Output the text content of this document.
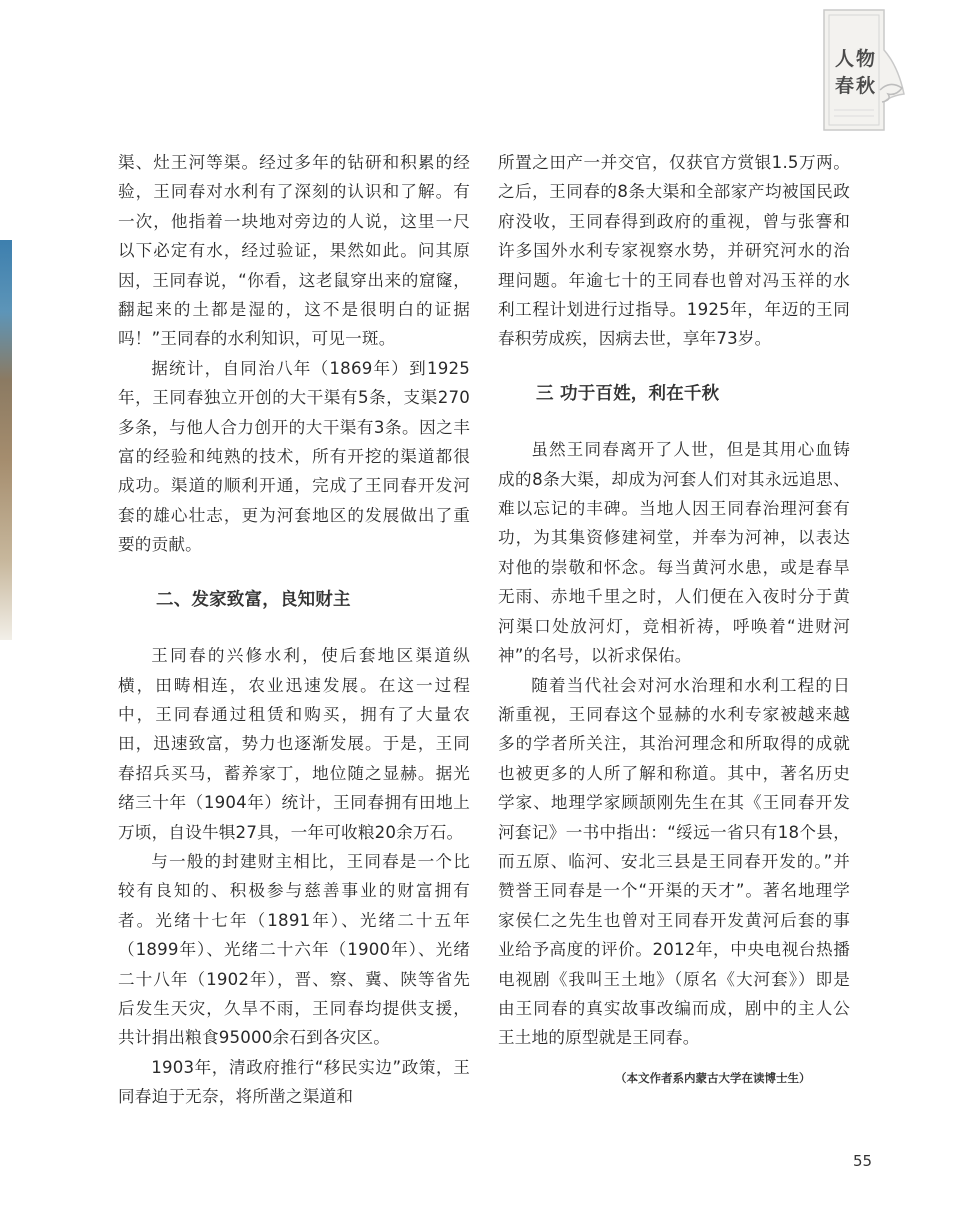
人物
春秋

渠、灶王河等渠。经过多年的钻研和积累的经验，王同春对水利有了深刻的认识和了解。有一次，他指着一块地对旁边的人说，这里一尺以下必定有水，经过验证，果然如此。问其原因，王同春说，“你看，这老鼠穿出来的窟窿，翻起来的土都是湿的，这不是很明白的证据吗！”王同春的水利知识，可见一斑。

据统计，自同治八年（1869年）到1925年，王同春独立开创的大干渠有5条，支渠270多条，与他人合力创开的大干渠有3条。因之丰富的经验和纯熟的技术，所有开挖的渠道都很成功。渠道的顺利开通，完成了王同春开发河套的雄心壮志，更为河套地区的发展做出了重要的贡献。

二、发家致富，良知财主

王同春的兴修水利，使后套地区渠道纵横，田畴相连，农业迅速发展。在这一过程中，王同春通过租赁和购买，拥有了大量农田，迅速致富，势力也逐渐发展。于是，王同春招兵买马，蓄养家丁，地位随之显赫。据光绪三十年（1904年）统计，王同春拥有田地上万顷，自设牛犋27具，一年可收粮20余万石。

与一般的封建财主相比，王同春是一个比较有良知的、积极参与慈善事业的财富拥有者。光绪十七年（1891年）、光绪二十五年（1899年）、光绪二十六年（1900年）、光绪二十八年（1902年），晋、察、冀、陕等省先后发生天灾，久旱不雨，王同春均提供支援，共计捐出粮食95000余石到各灾区。

1903年，清政府推行“移民实边”政策，王同春迫于无奈，将所凿之渠道和

所置之田产一并交官，仅获官方赏银1.5万两。之后，王同春的8条大渠和全部家产均被国民政府没收，王同春得到政府的重视，曾与张謇和许多国外水利专家视察水势，并研究河水的治理问题。年逾七十的王同春也曾对冯玉祥的水利工程计划进行过指导。1925年，年迈的王同春积劳成疾，因病去世，享年73岁。

三 功于百姓，利在千秋

虽然王同春离开了人世，但是其用心血铸成的8条大渠，却成为河套人们对其永远追思、难以忘记的丰碑。当地人因王同春治理河套有功，为其集资修建祠堂，并奉为河神，以表达对他的崇敬和怀念。每当黄河水患，或是春旱无雨、赤地千里之时，人们便在入夜时分于黄河渠口处放河灯，竞相祈祷，呼唤着“进财河神”的名号，以祈求保佑。

随着当代社会对河水治理和水利工程的日渐重视，王同春这个显赫的水利专家被越来越多的学者所关注，其治河理念和所取得的成就也被更多的人所了解和称道。其中，著名历史学家、地理学家顾颉刚先生在其《王同春开发河套记》一书中指出：“绥远一省只有18个县，而五原、临河、安北三县是王同春开发的。”并赞誉王同春是一个“开渠的天才”。著名地理学家侯仁之先生也曾对王同春开发黄河后套的事业给予高度的评价。2012年，中央电视台热播电视剧《我叫王土地》（原名《大河套》）即是由王同春的真实故事改编而成，剧中的主人公王土地的原型就是王同春。

（本文作者系内蒙古大学在读博士生）
55
